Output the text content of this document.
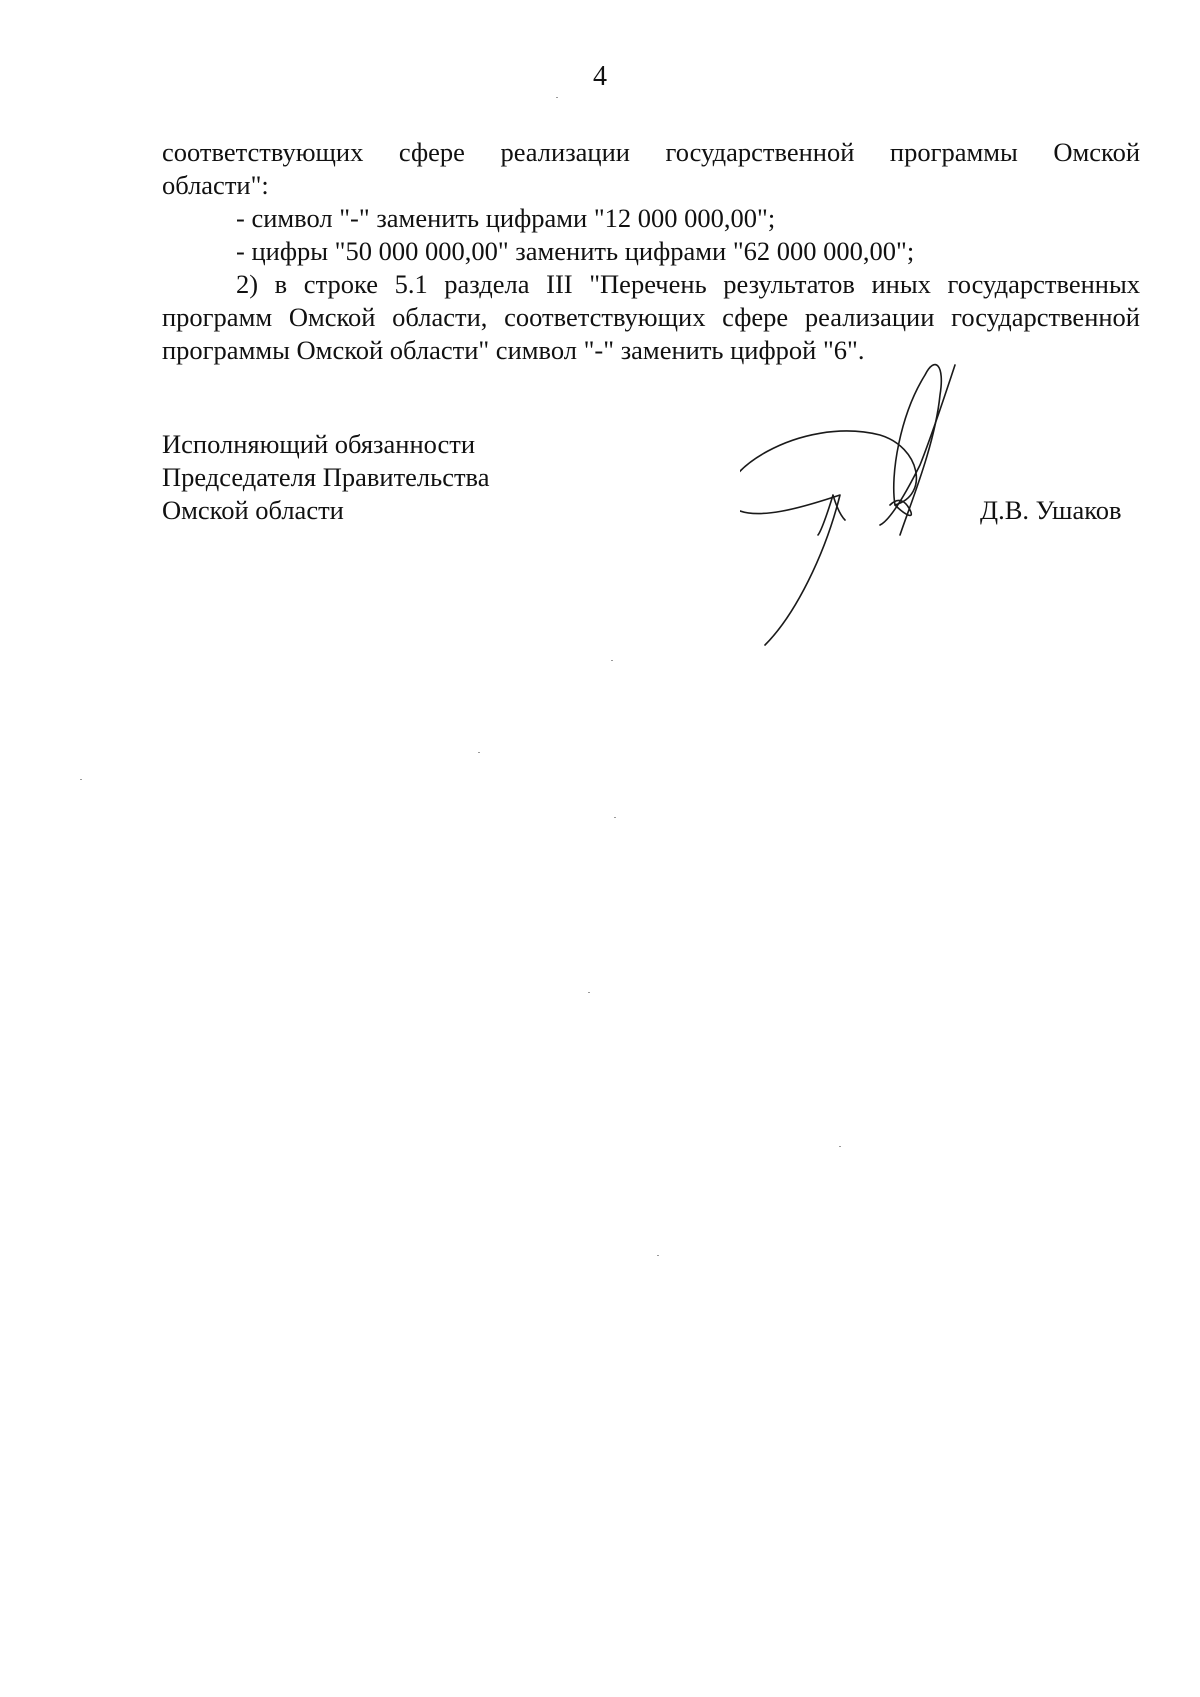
4

соответствующих сфере реализации государственной программы Омской

области":

- символ "-" заменить цифрами "12 000 000,00";

- цифры "50 000 000,00" заменить цифрами "62 000 000,00";

2) в строке 5.1 раздела III "Перечень результатов иных государственных программ Омской области, соответствующих сфере реализации государственной программы Омской области" символ "-" заменить цифрой "6".

Исполняющий обязанности
Председателя Правительства
Омской области	Д.В. Ушаков
